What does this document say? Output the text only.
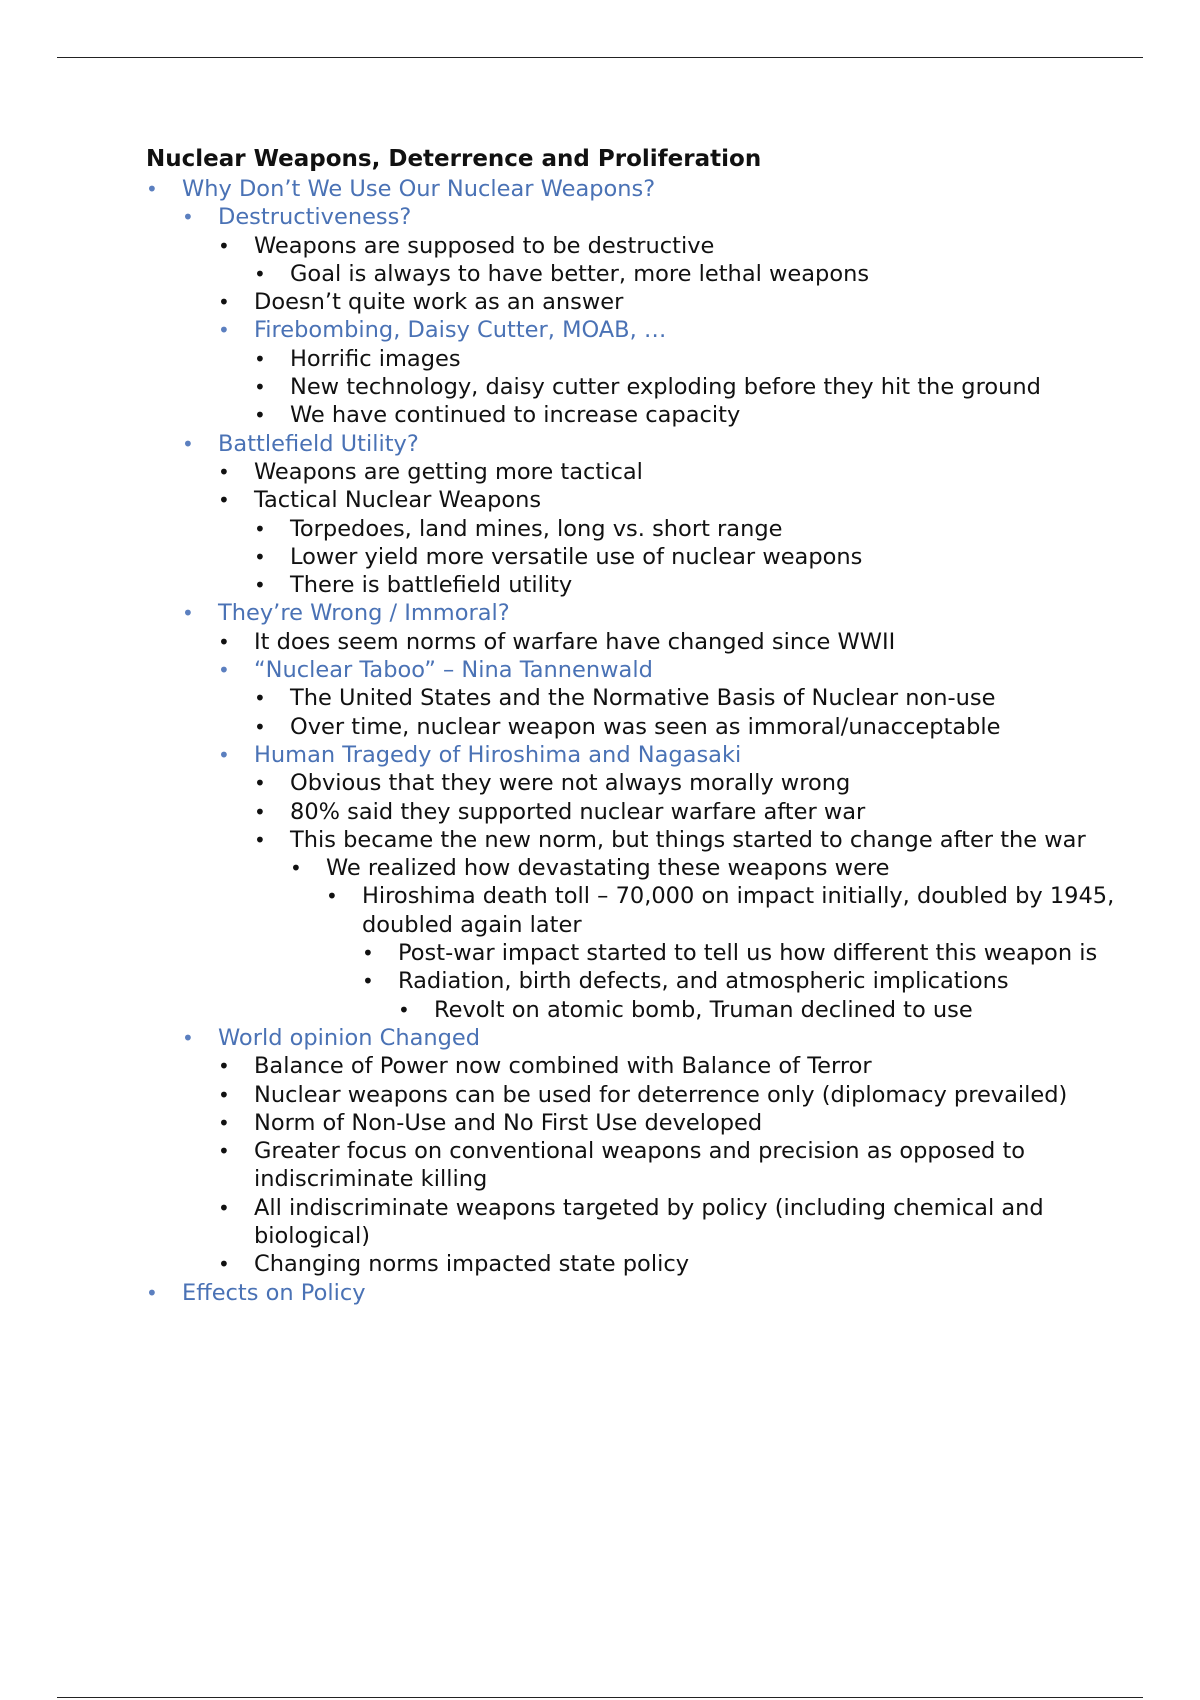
Nuclear Weapons, Deterrence and Proliferation
• Why Don’t We Use Our Nuclear Weapons?
• Destructiveness?
• Weapons are supposed to be destructive
• Goal is always to have better, more lethal weapons
• Doesn’t quite work as an answer
• Firebombing, Daisy Cutter, MOAB, …
• Horrific images
• New technology, daisy cutter exploding before they hit the ground
• We have continued to increase capacity
• Battlefield Utility?
• Weapons are getting more tactical
• Tactical Nuclear Weapons
• Torpedoes, land mines, long vs. short range
• Lower yield more versatile use of nuclear weapons
• There is battlefield utility
• They’re Wrong / Immoral?
• It does seem norms of warfare have changed since WWII
• “Nuclear Taboo” – Nina Tannenwald
• The United States and the Normative Basis of Nuclear non-use
• Over time, nuclear weapon was seen as immoral/unacceptable
• Human Tragedy of Hiroshima and Nagasaki
• Obvious that they were not always morally wrong
• 80% said they supported nuclear warfare after war
• This became the new norm, but things started to change after the war
• We realized how devastating these weapons were
• Hiroshima death toll – 70,000 on impact initially, doubled by 1945, doubled again later
• Post-war impact started to tell us how different this weapon is
• Radiation, birth defects, and atmospheric implications
• Revolt on atomic bomb, Truman declined to use
• World opinion Changed
• Balance of Power now combined with Balance of Terror
• Nuclear weapons can be used for deterrence only (diplomacy prevailed)
• Norm of Non-Use and No First Use developed
• Greater focus on conventional weapons and precision as opposed to indiscriminate killing
• All indiscriminate weapons targeted by policy (including chemical and biological)
• Changing norms impacted state policy
• Effects on Policy
